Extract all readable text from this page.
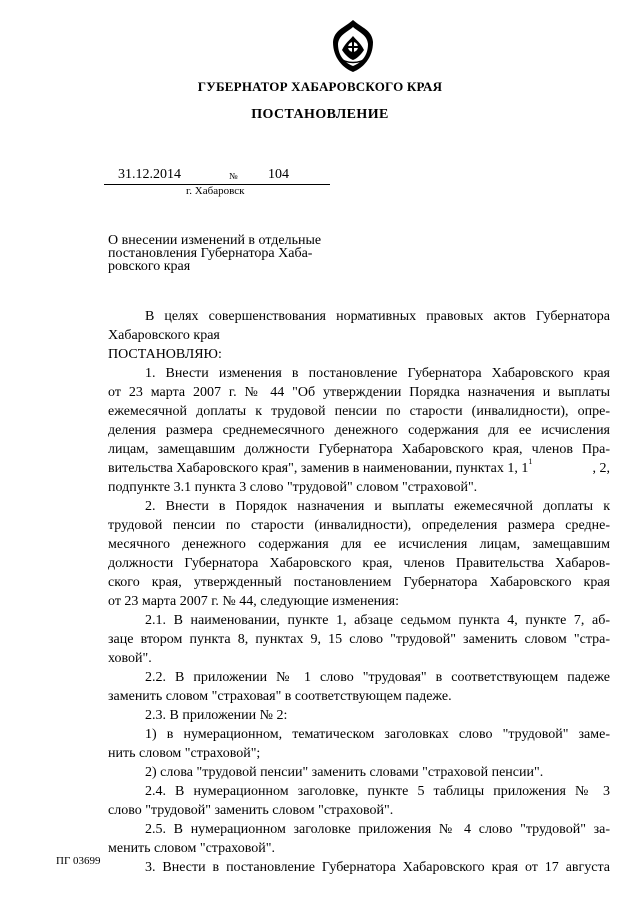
ГУБЕРНАТОР ХАБАРОВСКОГО КРАЯ
ПОСТАНОВЛЕНИЕ
31.12.2014	№ 104
г. Хабаровск
О внесении изменений в отдельные
постановления Губернатора Хаба-
ровского края
В целях совершенствования нормативных правовых актов Губернатора
Хабаровского края
ПОСТАНОВЛЯЮ:
1. Внести изменения в постановление Губернатора Хабаровского края
от 23 марта 2007 г. № 44 "Об утверждении Порядка назначения и выплаты
ежемесячной доплаты к трудовой пенсии по старости (инвалидности), опре-
деления размера среднемесячного денежного содержания для ее исчисления
лицам, замещавшим должности Губернатора Хабаровского края, членов Пра-
вительства Хабаровского края", заменив в наименовании, пунктах 1, $1^1$	, 2,
подпункте 3.1 пункта 3 слово "трудовой" словом "страховой".
2. Внести в Порядок назначения и выплаты ежемесячной доплаты к
трудовой пенсии по старости (инвалидности), определения размера средне-
месячного денежного содержания для ее исчисления лицам, замещавшим
должности Губернатора Хабаровского края, членов Правительства Хабаров-
ского края, утвержденный постановлением Губернатора Хабаровского края
от 23 марта 2007 г. № 44, следующие изменения:
2.1. В наименовании, пункте 1, абзаце седьмом пункта 4, пункте 7, аб-
заце втором пункта 8, пунктах 9, 15 слово "трудовой" заменить словом "стра-
ховой".
2.2. В приложении № 1 слово "трудовая" в соответствующем падеже
заменить словом "страховая" в соответствующем падеже.
2.3. В приложении № 2:
1) в нумерационном, тематическом заголовках слово "трудовой" заме-
нить словом "страховой";
2) слова "трудовой пенсии" заменить словами "страховой пенсии".
2.4. В нумерационном заголовке, пункте 5 таблицы приложения № 3
слово "трудовой" заменить словом "страховой".
2.5. В нумерационном заголовке приложения № 4 слово "трудовой" за-
менить словом "страховой".
3. Внести в постановление Губернатора Хабаровского края от 17 августа
ПГ 03699
